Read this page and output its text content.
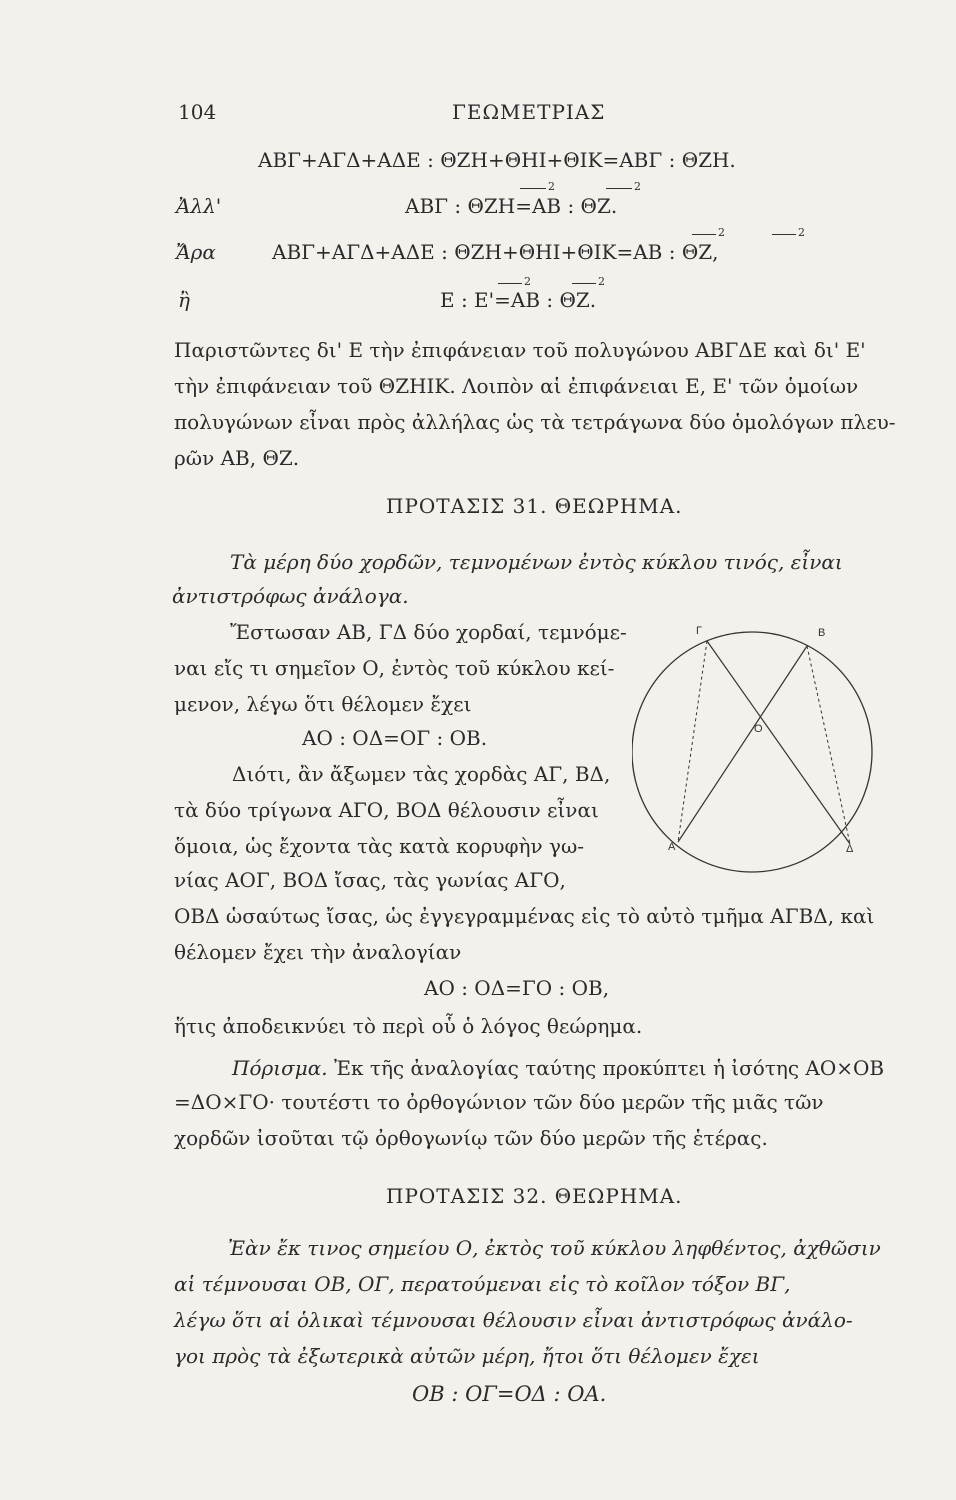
104	ΓΕΩΜΕΤΡΙΑΣ
ΑΒΓ+ΑΓΔ+ΑΔΕ : ΘΖΗ+ΘΗΙ+ΘΙΚ=ΑΒΓ : ΘΖΗ.
2	2
Ἀλλ'	ΑΒΓ : ΘΖΗ=ΑΒ : ΘΖ.
2	2
Ἄρα	ΑΒΓ+ΑΓΔ+ΑΔΕ : ΘΖΗ+ΘΗΙ+ΘΙΚ=ΑΒ : ΘΖ,
2	2
ἢ	Ε : Ε'=ΑΒ : ΘΖ.
Παριστῶντες δι' Ε τὴν ἐπιφάνειαν τοῦ πολυγώνου ΑΒΓΔΕ καὶ δι' Ε'
τὴν ἐπιφάνειαν τοῦ ΘΖΗΙΚ. Λοιπὸν αἱ ἐπιφάνειαι Ε, Ε' τῶν ὁμοίων
πολυγώνων εἶναι πρὸς ἀλλήλας ὡς τὰ τετράγωνα δύο ὁμολόγων πλευ-
ρῶν ΑΒ, ΘΖ.
ΠΡΟΤΑΣΙΣ 31. ΘΕΩΡΗΜΑ.
Τὰ μέρη δύο χορδῶν, τεμνομένων ἐντὸς κύκλου τινός, εἶναι
ἀντιστρόφως ἀνάλογα.
Ἔστωσαν ΑΒ, ΓΔ δύο χορδαί, τεμνόμε-
ναι εἴς τι σημεῖον Ο, ἐντὸς τοῦ κύκλου κεί-
μενον, λέγω ὅτι θέλομεν ἔχει
ΑΟ : ΟΔ=ΟΓ : ΟΒ.
Διότι, ἂν ἄξωμεν τὰς χορδὰς ΑΓ, ΒΔ,
τὰ δύο τρίγωνα ΑΓΟ, ΒΟΔ θέλουσιν εἶναι
ὅμοια, ὡς ἔχοντα τὰς κατὰ κορυφὴν γω-
νίας ΑΟΓ, ΒΟΔ ἴσας, τὰς γωνίας ΑΓΟ,
ΟΒΔ ὡσαύτως ἴσας, ὡς ἐγγεγραμμένας εἰς τὸ αὐτὸ τμῆμα ΑΓΒΔ, καὶ
θέλομεν ἔχει τὴν ἀναλογίαν
ΑΟ : ΟΔ=ΓΟ : ΟΒ,
ἥτις ἀποδεικνύει τὸ περὶ οὗ ὁ λόγος θεώρημα.
Πόρισμα. Ἐκ τῆς ἀναλογίας ταύτης προκύπτει ἡ ἰσότης ΑΟ×ΟΒ
=ΔΟ×ΓΟ· τουτέστι το ὀρθογώνιον τῶν δύο μερῶν τῆς μιᾶς τῶν
χορδῶν ἰσοῦται τῷ ὀρθογωνίῳ τῶν δύο μερῶν τῆς ἑτέρας.
Γ	Β
Ο
Α	Δ
ΠΡΟΤΑΣΙΣ 32. ΘΕΩΡΗΜΑ.
Ἐὰν ἔκ τινος σημείου Ο, ἐκτὸς τοῦ κύκλου ληφθέντος, ἀχθῶσιν
αἱ τέμνουσαι ΟΒ, ΟΓ, περατούμεναι εἰς τὸ κοῖλον τόξον ΒΓ,
λέγω ὅτι αἱ ὁλικαὶ τέμνουσαι θέλουσιν εἶναι ἀντιστρόφως ἀνάλο-
γοι πρὸς τὰ ἐξωτερικὰ αὐτῶν μέρη, ἤτοι ὅτι θέλομεν ἔχει
ΟΒ : ΟΓ=ΟΔ : ΟΑ.
